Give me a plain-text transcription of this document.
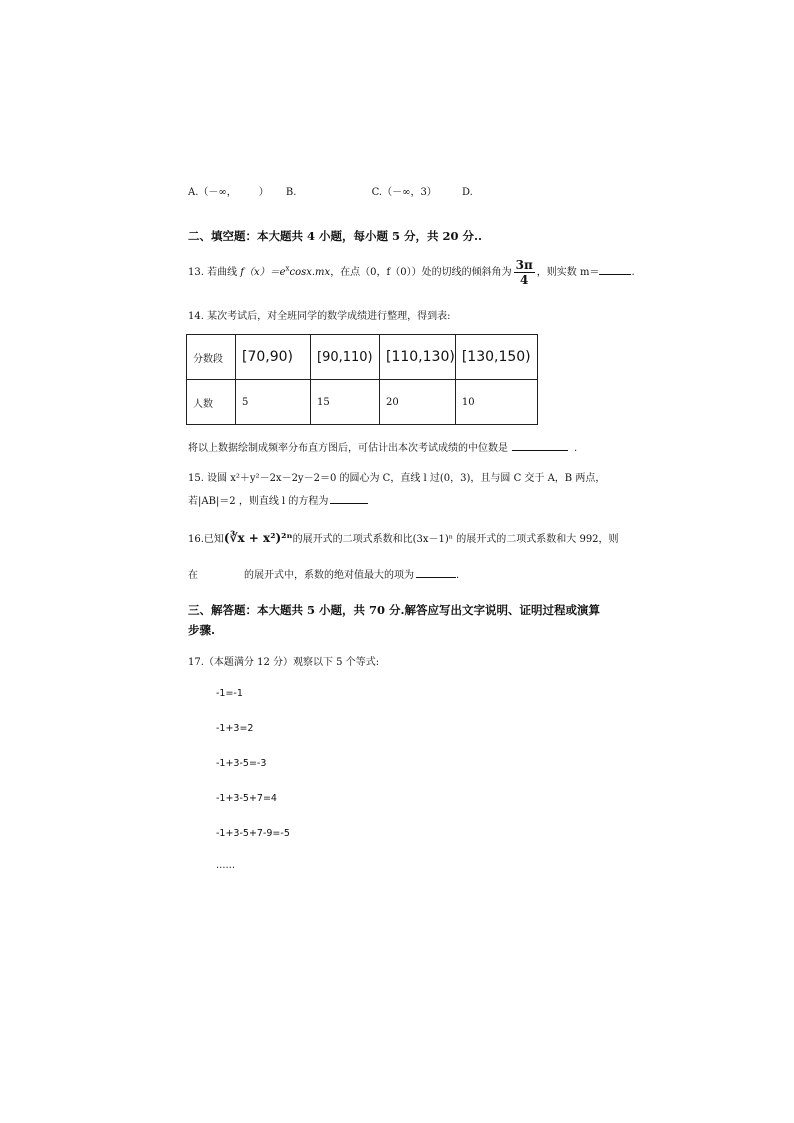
A.（－∞， ） B.	C.（－∞，3）	D.
二、填空题：本大题共 4 小题，每小题 5 分，共 20 分..
13. 若曲线 $f(x)=e^x\cos x.mx$，在点（0，f（0））处的切线的倾斜角为 $\frac{3\pi}{4}$ ，则实数 m＝	.
14. 某次考试后，对全班同学的数学成绩进行整理，得到表:
分数段	[70,90)	[90,110)	[110,130)	[130,150)
人数	5	15	20	10
将以上数据绘制成频率分布直方图后，可估计出本次考试成绩的中位数是	.
15. 设圆 x²＋y²－2x－2y－2＝0 的圆心为 C，直线 l 过(0，3)，且与圆 C 交于 A，B 两点，
若|AB|＝2 ，则直线 l 的方程为
16.已知(∛x + x²)²ⁿ的展开式的二项式系数和比(3x－1)ⁿ 的展开式的二项式系数和大 992，则
在	的展开式中，系数的绝对值最大的项为	.
三、解答题：本大题共 5 小题，共 70 分.解答应写出文字说明、证明过程或演算
步骤.
17.（本题满分 12 分）观察以下 5 个等式:
-1=-1
-1+3=2
-1+3-5=-3
-1+3-5+7=4
-1+3-5+7-9=-5
……
